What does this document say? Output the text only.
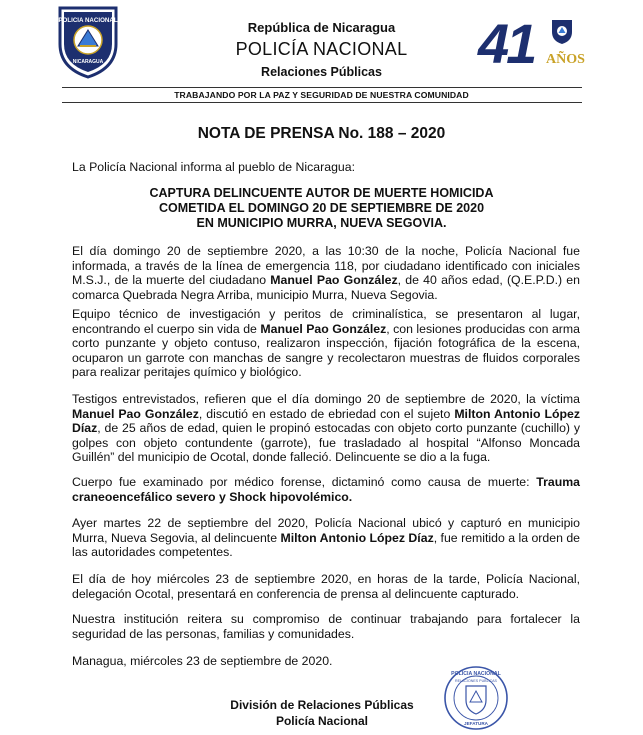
POLICIA NACIONAL
NICARAGUA
República de Nicaragua
POLICÍA NACIONAL
Relaciones Públicas	41 AÑOS
TRABAJANDO POR LA PAZ Y SEGURIDAD DE NUESTRA COMUNIDAD
NOTA DE PRENSA No. 188 – 2020
La Policía Nacional informa al pueblo de Nicaragua:
CAPTURA DELINCUENTE AUTOR DE MUERTE HOMICIDA
COMETIDA EL DOMINGO 20 DE SEPTIEMBRE DE 2020
EN MUNICIPIO MURRA, NUEVA SEGOVIA.

El día domingo 20 de septiembre 2020, a las 10:30 de la noche, Policía Nacional fue informada, a través de la línea de emergencia 118, por ciudadano identificado con iniciales M.S.J., de la muerte del ciudadano Manuel Pao González, de 40 años edad, (Q.E.P.D.) en comarca Quebrada Negra Arriba, municipio Murra, Nueva Segovia.

Equipo técnico de investigación y peritos de criminalística, se presentaron al lugar, encontrando el cuerpo sin vida de Manuel Pao González, con lesiones producidas con arma corto punzante y objeto contuso, realizaron inspección, fijación fotográfica de la escena, ocuparon un garrote con manchas de sangre y recolectaron muestras de fluidos corporales para realizar peritajes químico y biológico.

Testigos entrevistados, refieren que el día domingo 20 de septiembre de 2020, la víctima Manuel Pao González, discutió en estado de ebriedad con el sujeto Milton Antonio López Díaz, de 25 años de edad, quien le propinó estocadas con objeto corto punzante (cuchillo) y golpes con objeto contundente (garrote), fue trasladado al hospital “Alfonso Moncada Guillén” del municipio de Ocotal, donde falleció. Delincuente se dio a la fuga.

Cuerpo fue examinado por médico forense, dictaminó como causa de muerte: Trauma craneoencefálico severo y Shock hipovolémico.

Ayer martes 22 de septiembre del 2020, Policía Nacional ubicó y capturó en municipio Murra, Nueva Segovia, al delincuente Milton Antonio López Díaz, fue remitido a la orden de las autoridades competentes.

El día de hoy miércoles 23 de septiembre 2020, en horas de la tarde, Policía Nacional, delegación Ocotal, presentará en conferencia de prensa al delincuente capturado.

Nuestra institución reitera su compromiso de continuar trabajando para fortalecer la seguridad de las personas, familias y comunidades.

Managua, miércoles 23 de septiembre de 2020.
División de Relaciones Públicas
Policía Nacional
POLICIA NACIONAL
RELACIONES PUBLICAS
JEFATURA
